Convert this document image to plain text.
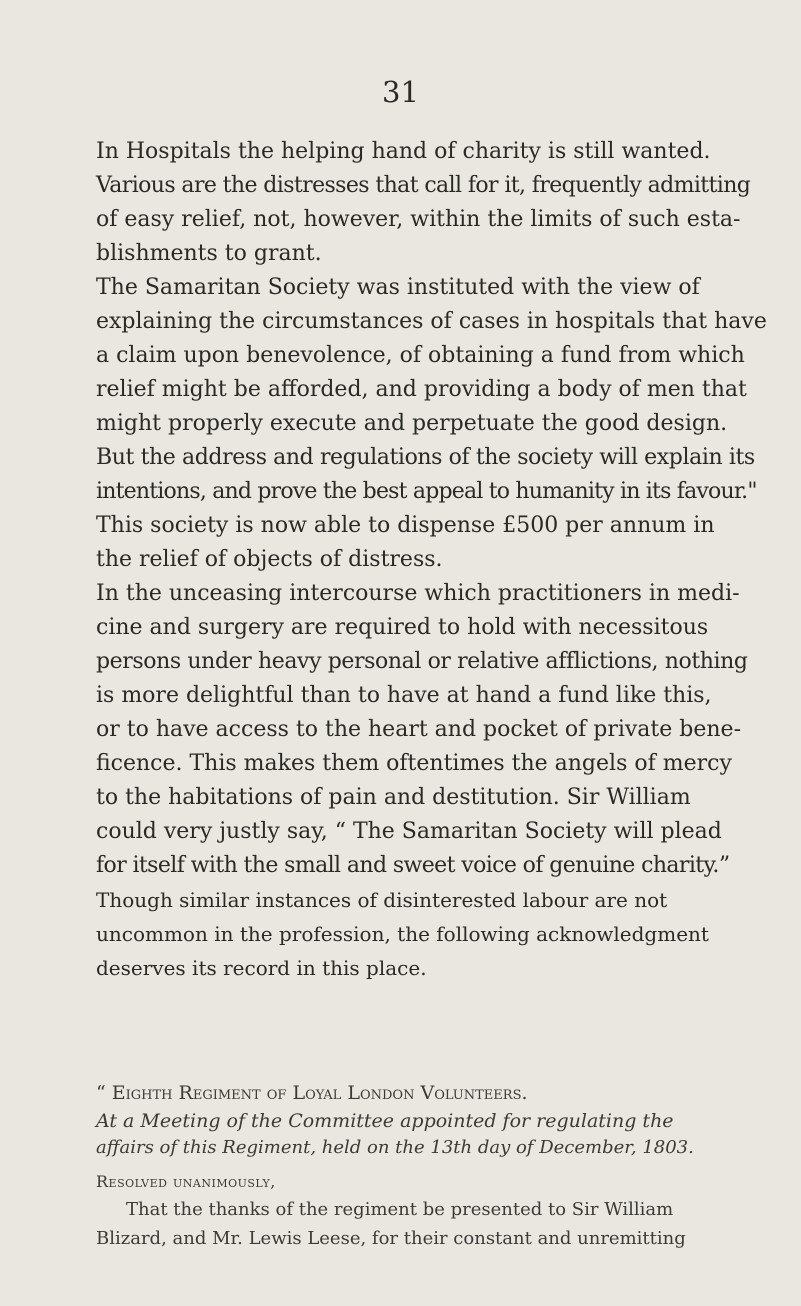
31
In Hospitals the helping hand of charity is still wanted.
Various are the distresses that call for it, frequently admitting
of easy relief, not, however, within the limits of such esta-
blishments to grant.
The Samaritan Society was instituted with the view of
explaining the circumstances of cases in hospitals that have
a claim upon benevolence, of obtaining a fund from which
relief might be afforded, and providing a body of men that
might properly execute and perpetuate the good design.
But the address and regulations of the society will explain its
intentions, and prove the best appeal to humanity in its favour."
This society is now able to dispense £500 per annum in
the relief of objects of distress.
In the unceasing intercourse which practitioners in medi-
cine and surgery are required to hold with necessitous
persons under heavy personal or relative afflictions, nothing
is more delightful than to have at hand a fund like this,
or to have access to the heart and pocket of private bene-
ficence. This makes them oftentimes the angels of mercy
to the habitations of pain and destitution. Sir William
could very justly say, “ The Samaritan Society will plead
for itself with the small and sweet voice of genuine charity.”
Though similar instances of disinterested labour are not
uncommon in the profession, the following acknowledgment
deserves its record in this place.
“ Eighth Regiment of Loyal London Volunteers.
At a Meeting of the Committee appointed for regulating the
affairs of this Regiment, held on the 13th day of December, 1803.
Resolved unanimously,
That the thanks of the regiment be presented to Sir William
Blizard, and Mr. Lewis Leese, for their constant and unremitting
